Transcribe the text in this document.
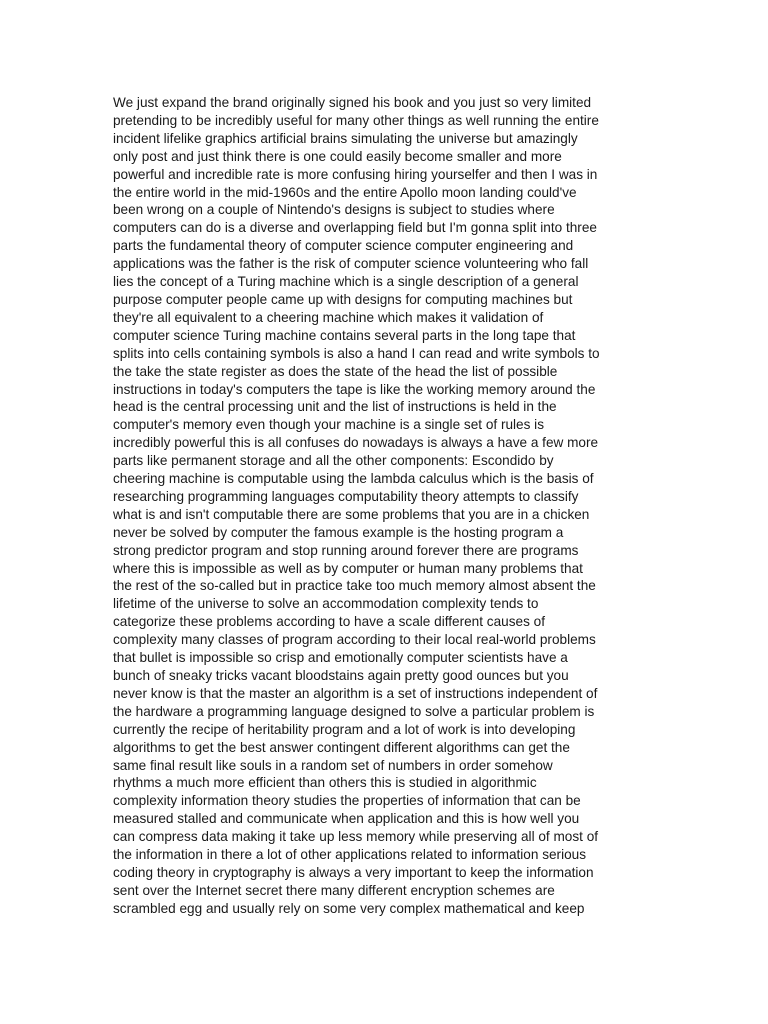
We just expand the brand originally signed his book and you just so very limited
pretending to be incredibly useful for many other things as well running the entire
incident lifelike graphics artificial brains simulating the universe but amazingly
only post and just think there is one could easily become smaller and more
powerful and incredible rate is more confusing hiring yourselfer and then I was in
the entire world in the mid-1960s and the entire Apollo moon landing could've
been wrong on a couple of Nintendo's designs is subject to studies where
computers can do is a diverse and overlapping field but I'm gonna split into three
parts the fundamental theory of computer science computer engineering and
applications was the father is the risk of computer science volunteering who fall
lies the concept of a Turing machine which is a single description of a general
purpose computer people came up with designs for computing machines but
they're all equivalent to a cheering machine which makes it validation of
computer science Turing machine contains several parts in the long tape that
splits into cells containing symbols is also a hand I can read and write symbols to
the take the state register as does the state of the head the list of possible
instructions in today's computers the tape is like the working memory around the
head is the central processing unit and the list of instructions is held in the
computer's memory even though your machine is a single set of rules is
incredibly powerful this is all confuses do nowadays is always a have a few more
parts like permanent storage and all the other components: Escondido by
cheering machine is computable using the lambda calculus which is the basis of
researching programming languages computability theory attempts to classify
what is and isn't computable there are some problems that you are in a chicken
never be solved by computer the famous example is the hosting program a
strong predictor program and stop running around forever there are programs
where this is impossible as well as by computer or human many problems that
the rest of the so-called but in practice take too much memory almost absent the
lifetime of the universe to solve an accommodation complexity tends to
categorize these problems according to have a scale different causes of
complexity many classes of program according to their local real-world problems
that bullet is impossible so crisp and emotionally computer scientists have a
bunch of sneaky tricks vacant bloodstains again pretty good ounces but you
never know is that the master an algorithm is a set of instructions independent of
the hardware a programming language designed to solve a particular problem is
currently the recipe of heritability program and a lot of work is into developing
algorithms to get the best answer contingent different algorithms can get the
same final result like souls in a random set of numbers in order somehow
rhythms a much more efficient than others this is studied in algorithmic
complexity information theory studies the properties of information that can be
measured stalled and communicate when application and this is how well you
can compress data making it take up less memory while preserving all of most of
the information in there a lot of other applications related to information serious
coding theory in cryptography is always a very important to keep the information
sent over the Internet secret there many different encryption schemes are
scrambled egg and usually rely on some very complex mathematical and keep
